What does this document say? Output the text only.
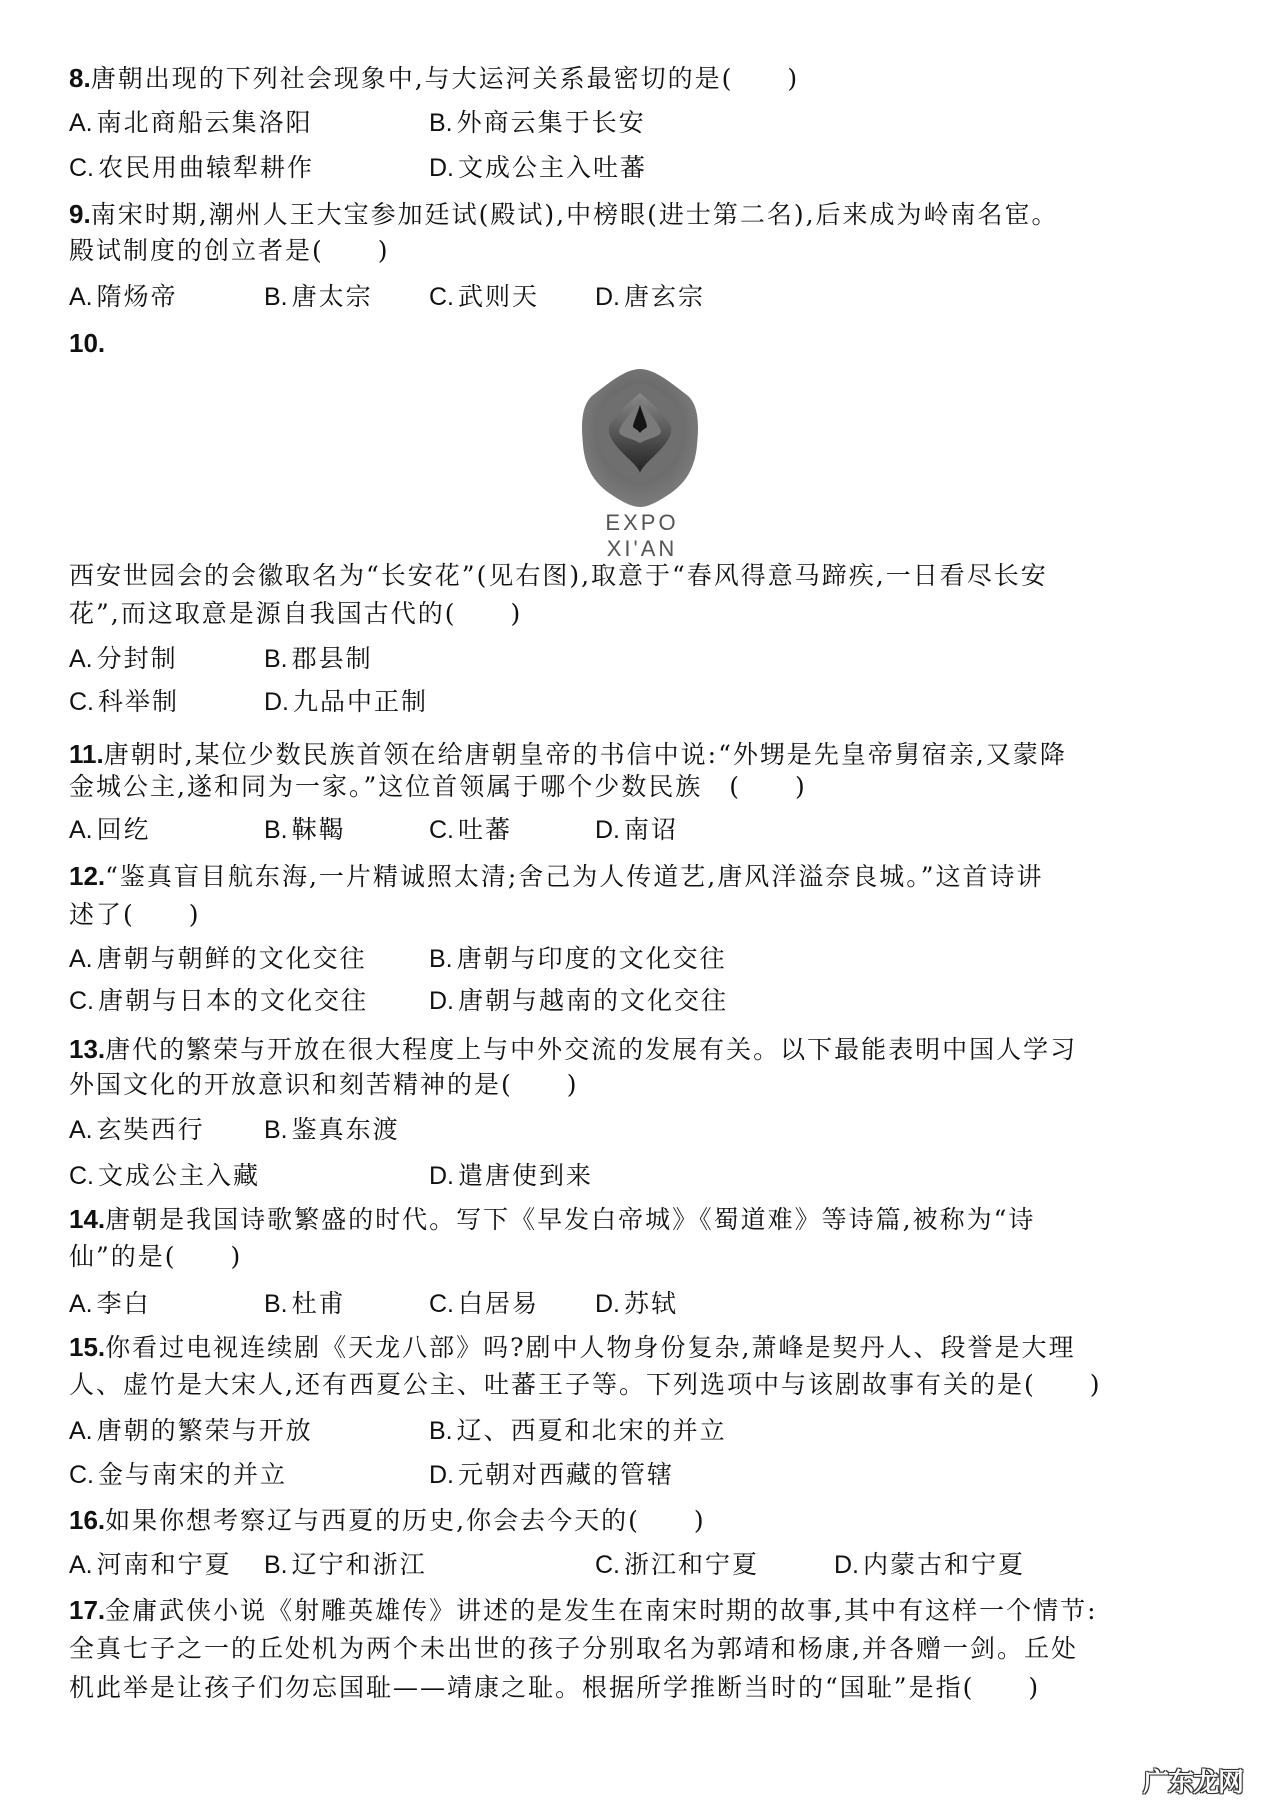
8.唐朝出现的下列社会现象中,与大运河关系最密切的是(　　)
A. 南北商船云集洛阳	B. 外商云集于长安
C. 农民用曲辕犁耕作	D. 文成公主入吐蕃
9.南宋时期,潮州人王大宝参加廷试(殿试),中榜眼(进士第二名),后来成为岭南名宦。
殿试制度的创立者是(　　)
A. 隋炀帝	B. 唐太宗 C. 武则天 D. 唐玄宗
10.
EXPO XI'AN
西安世园会的会徽取名为“长安花”(见右图),取意于“春风得意马蹄疾,一日看尽长安
花”,而这取意是源自我国古代的(　　)
A. 分封制	B. 郡县制
C. 科举制	D. 九品中正制
11.唐朝时,某位少数民族首领在给唐朝皇帝的书信中说:“外甥是先皇帝舅宿亲,又蒙降
金城公主,遂和同为一家。”这位首领属于哪个少数民族　(　　)
A. 回纥	B. 靺鞨	C. 吐蕃	D. 南诏
12.“鉴真盲目航东海,一片精诚照太清;舍己为人传道艺,唐风洋溢奈良城。”这首诗讲
述了(　　)
A. 唐朝与朝鲜的文化交往 B. 唐朝与印度的文化交往
C. 唐朝与日本的文化交往 D. 唐朝与越南的文化交往
13.唐代的繁荣与开放在很大程度上与中外交流的发展有关。以下最能表明中国人学习
外国文化的开放意识和刻苦精神的是(　　)
A. 玄奘西行 B. 鉴真东渡
C. 文成公主入藏	D. 遣唐使到来
14.唐朝是我国诗歌繁盛的时代。写下《早发白帝城》《蜀道难》等诗篇,被称为“诗
仙”的是(　　)
A. 李白	B. 杜甫	C. 白居易 D. 苏轼
15.你看过电视连续剧《天龙八部》吗?剧中人物身份复杂,萧峰是契丹人、段誉是大理
人、虚竹是大宋人,还有西夏公主、吐蕃王子等。下列选项中与该剧故事有关的是(　　)
A. 唐朝的繁荣与开放	B. 辽、西夏和北宋的并立
C. 金与南宋的并立	D. 元朝对西藏的管辖
16.如果你想考察辽与西夏的历史,你会去今天的(　　)
A. 河南和宁夏 B. 辽宁和浙江	C. 浙江和宁夏	D. 内蒙古和宁夏
17.金庸武侠小说《射雕英雄传》讲述的是发生在南宋时期的故事,其中有这样一个情节:
全真七子之一的丘处机为两个未出世的孩子分别取名为郭靖和杨康,并各赠一剑。丘处
机此举是让孩子们勿忘国耻——靖康之耻。根据所学推断当时的“国耻”是指(　　)
广东龙网
